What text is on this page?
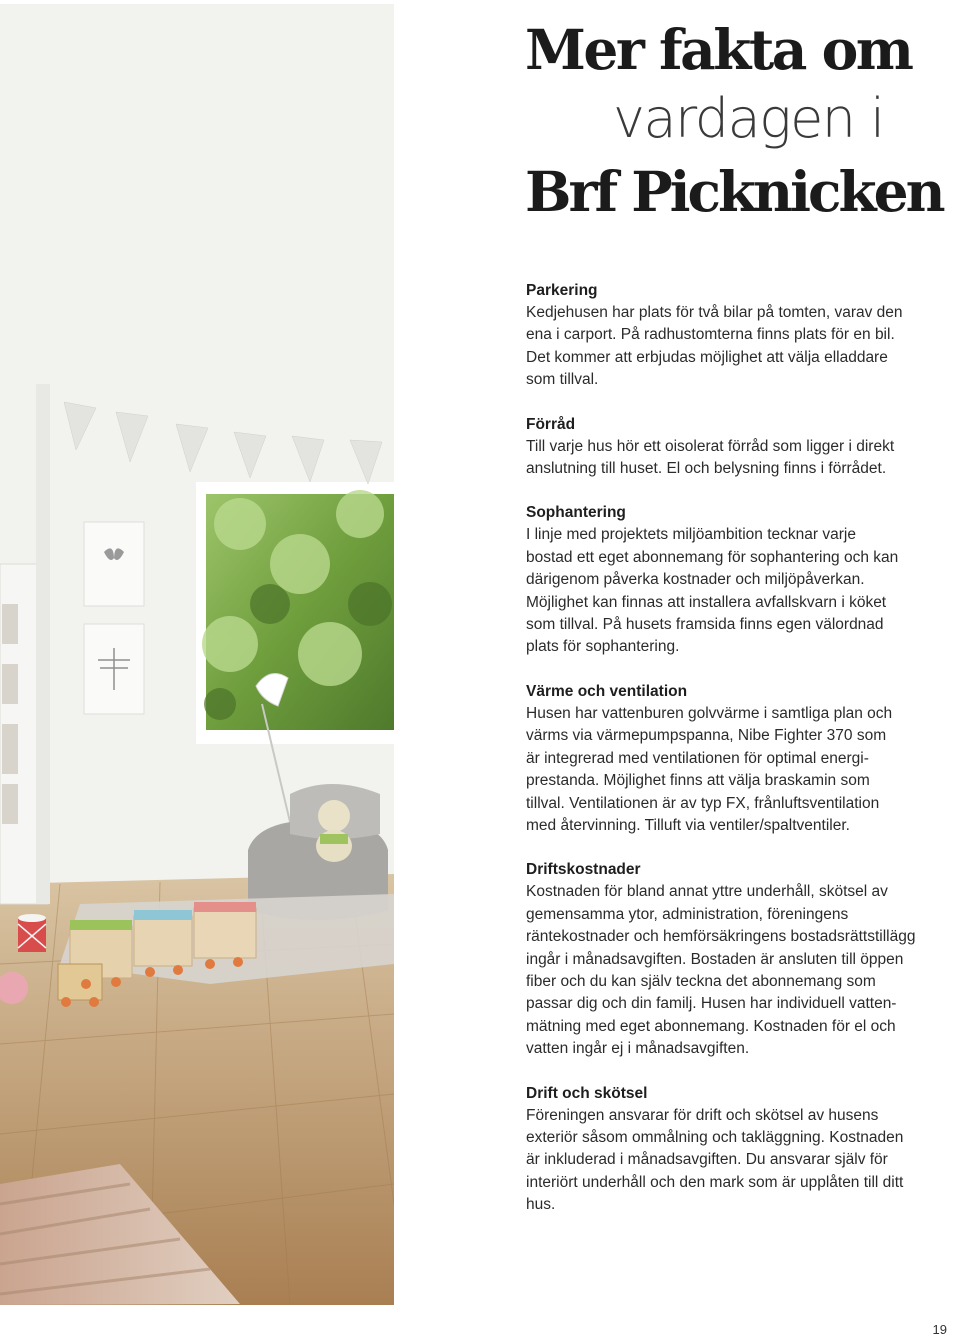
Mer fakta om
vardagen i
Brf Picknicken
Parkering

Kedjehusen har plats för två bilar på tomten, varav den
ena i carport. På radhustomterna finns plats för en bil.
Det kommer att erbjudas möjlighet att välja elladdare
som tillval.

Förråd

Till varje hus hör ett oisolerat förråd som ligger i direkt
anslutning till huset. El och belysning finns i förrådet.

Sophantering

I linje med projektets miljöambition tecknar varje
bostad ett eget abonnemang för sophantering och kan
därigenom påverka kostnader och miljöpåverkan.
Möjlighet kan finnas att installera avfallskvarn i köket
som tillval. På husets framsida finns egen välordnad
plats för sophantering.

Värme och ventilation

Husen har vattenburen golvvärme i samtliga plan och
värms via värmepumpspanna, Nibe Fighter 370 som
är integrerad med ventilationen för optimal energi-
prestanda. Möjlighet finns att välja braskamin som
tillval. Ventilationen är av typ FX, frånluftsventilation
med återvinning. Tilluft via ventiler/spaltventiler.

Driftskostnader

Kostnaden för bland annat yttre underhåll, skötsel av
gemensamma ytor, administration, föreningens
räntekostnader och hemförsäkringens bostadsrättstillägg
ingår i månadsavgiften. Bostaden är ansluten till öppen
fiber och du kan själv teckna det abonnemang som
passar dig och din familj. Husen har individuell vatten-
mätning med eget abonnemang. Kostnaden för el och
vatten ingår ej i månadsavgiften.

Drift och skötsel

Föreningen ansvarar för drift och skötsel av husens
exteriör såsom ommålning och takläggning. Kostnaden
är inkluderad i månadsavgiften. Du ansvarar själv för
interiört underhåll och den mark som är upplåten till ditt
hus.

19
